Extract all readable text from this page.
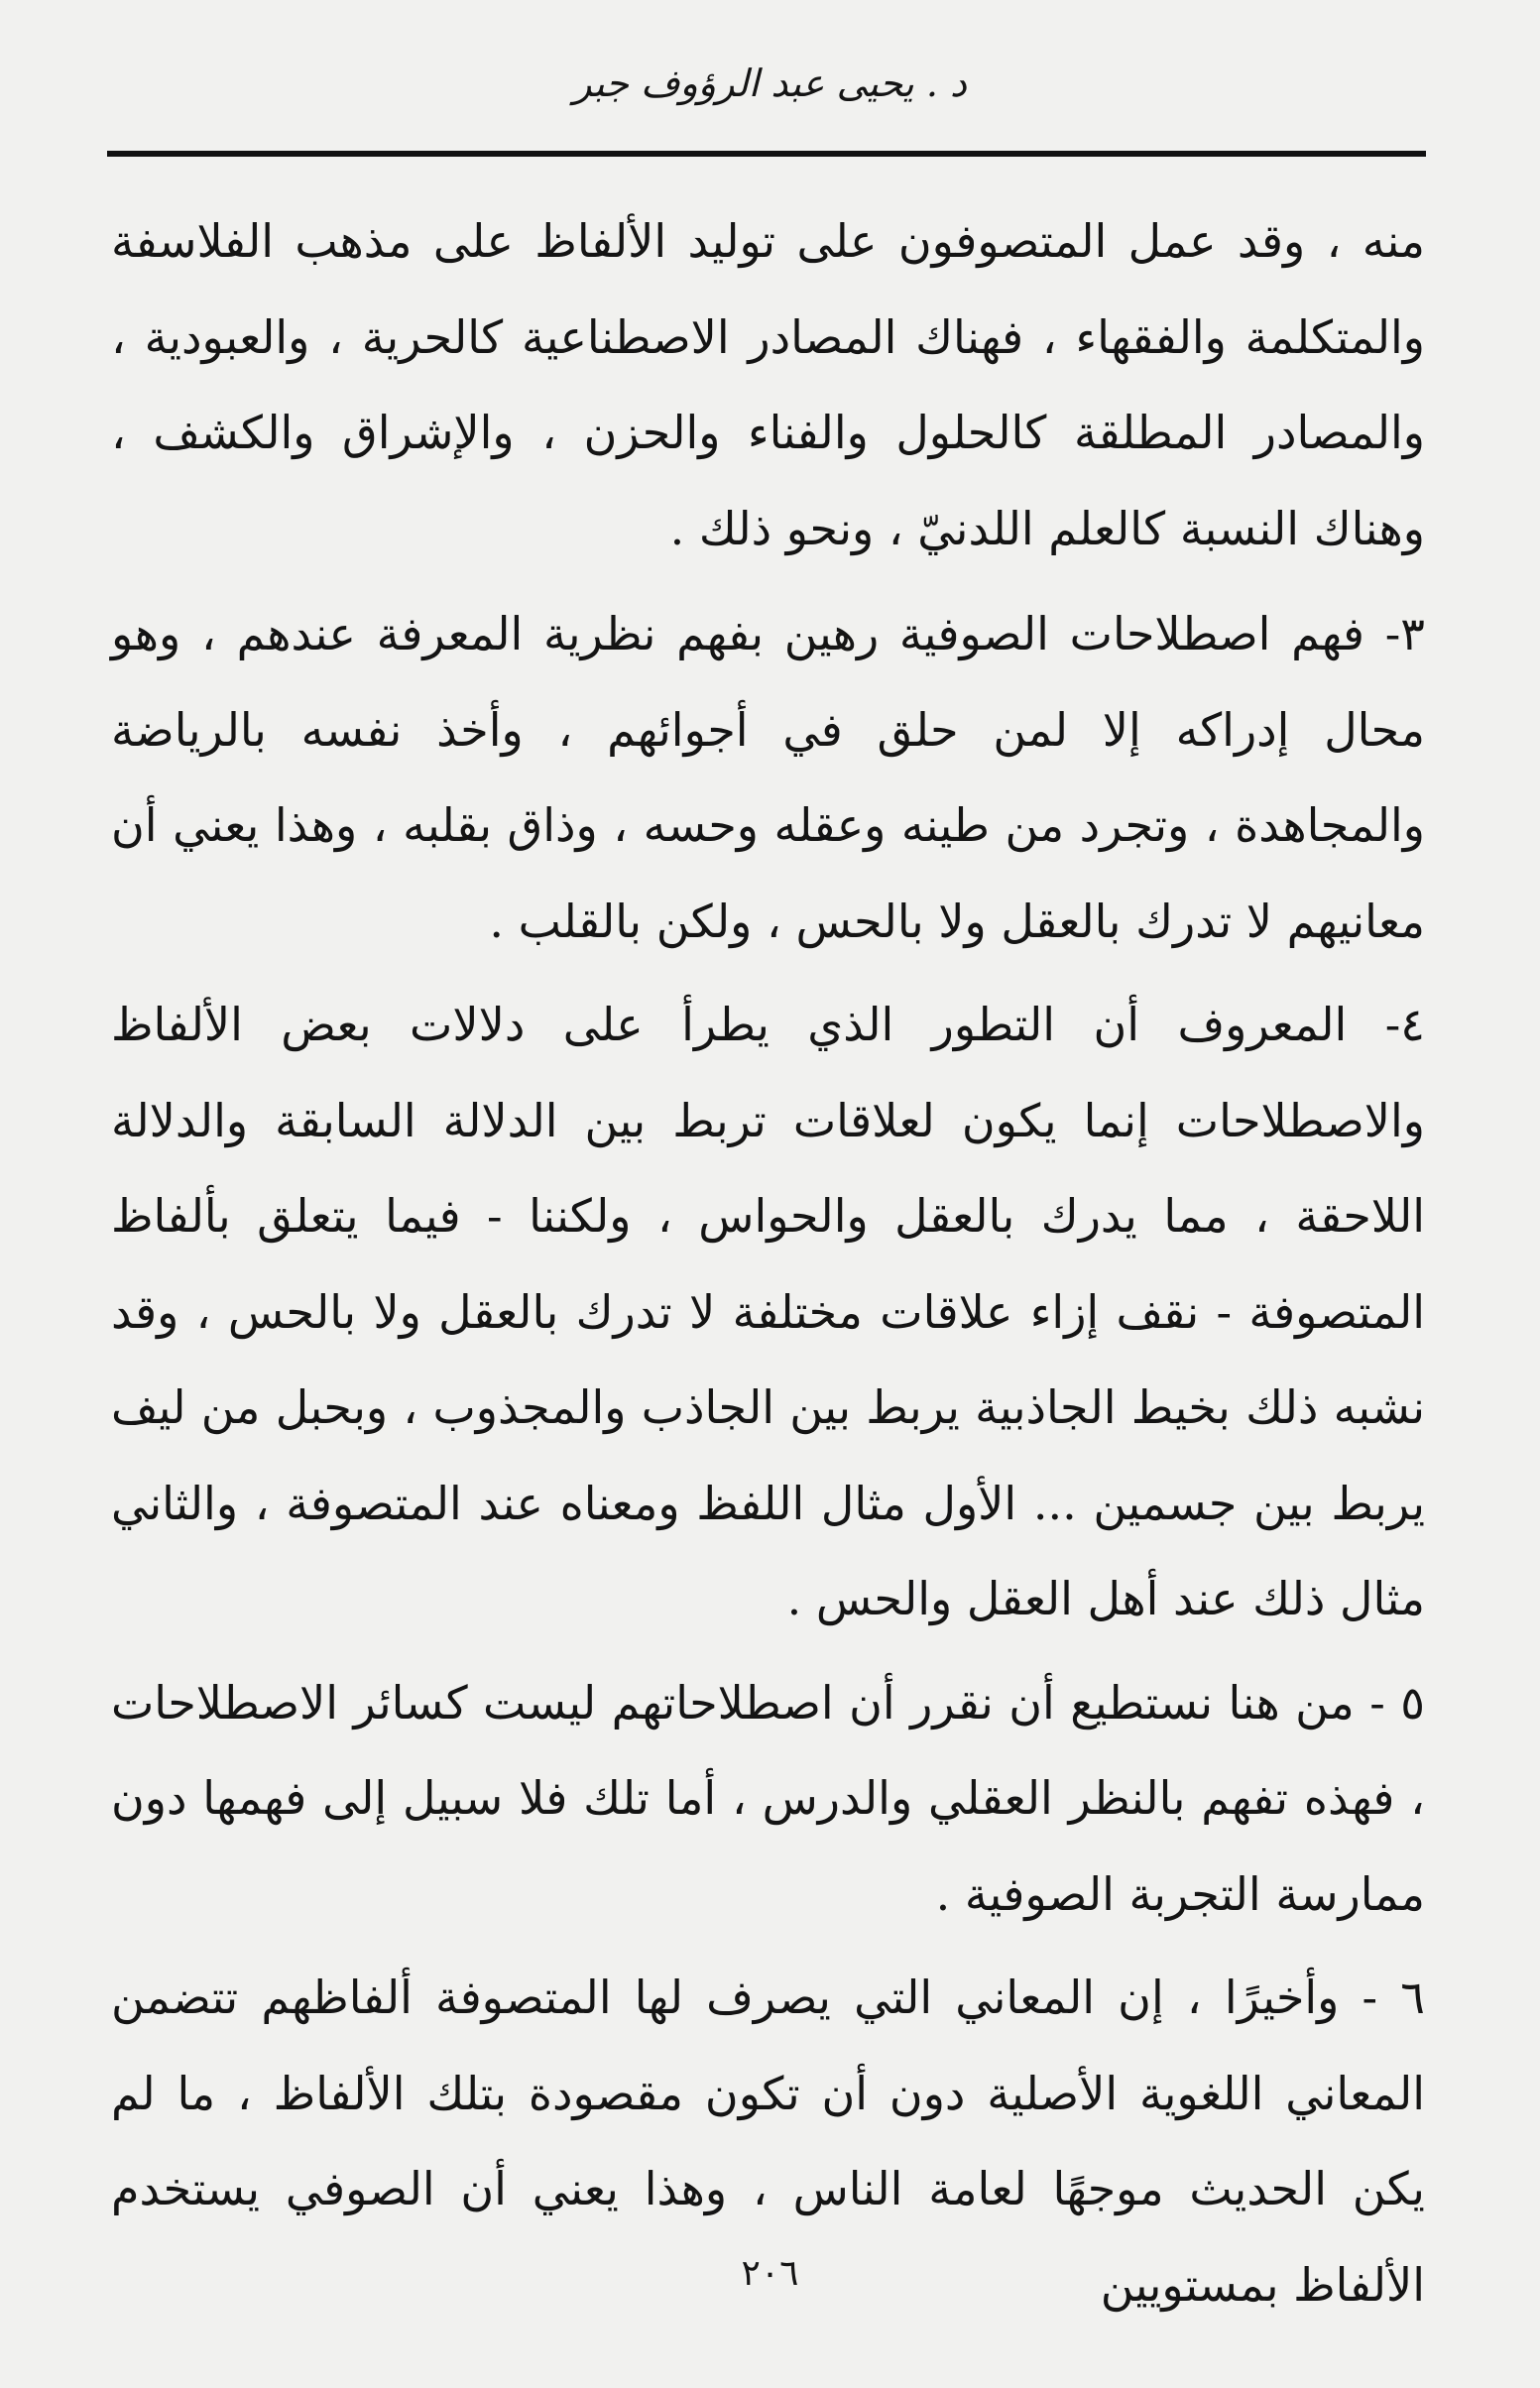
د . يحيى عبد الرؤوف جبر

منه ، وقد عمل المتصوفون على توليد الألفاظ على مذهب الفلاسفة والمتكلمة والفقهاء ، فهناك المصادر الاصطناعية كالحرية ، والعبودية ، والمصادر المطلقة كالحلول والفناء والحزن ، والإشراق والكشف ، وهناك النسبة كالعلم اللدنيّ ، ونحو ذلك .

٣- فهم اصطلاحات الصوفية رهين بفهم نظرية المعرفة عندهم ، وهو محال إدراكه إلا لمن حلق في أجوائهم ، وأخذ نفسه بالرياضة والمجاهدة ، وتجرد من طينه وعقله وحسه ، وذاق بقلبه ، وهذا يعني أن معانيهم لا تدرك بالعقل ولا بالحس ، ولكن بالقلب .

٤- المعروف أن التطور الذي يطرأ على دلالات بعض الألفاظ والاصطلاحات إنما يكون لعلاقات تربط بين الدلالة السابقة والدلالة اللاحقة ، مما يدرك بالعقل والحواس ، ولكننا - فيما يتعلق بألفاظ المتصوفة - نقف إزاء علاقات مختلفة لا تدرك بالعقل ولا بالحس ، وقد نشبه ذلك بخيط الجاذبية يربط بين الجاذب والمجذوب ، وبحبل من ليف يربط بين جسمين ... الأول مثال اللفظ ومعناه عند المتصوفة ، والثاني مثال ذلك عند أهل العقل والحس .

٥ - من هنا نستطيع أن نقرر أن اصطلاحاتهم ليست كسائر الاصطلاحات ، فهذه تفهم بالنظر العقلي والدرس ، أما تلك فلا سبيل إلى فهمها دون ممارسة التجربة الصوفية .

٦ - وأخيرًا ، إن المعاني التي يصرف لها المتصوفة ألفاظهم تتضمن المعاني اللغوية الأصلية دون أن تكون مقصودة بتلك الألفاظ ، ما لم يكن الحديث موجهًا لعامة الناس ، وهذا يعني أن الصوفي يستخدم الألفاظ بمستويين

٢٠٦
